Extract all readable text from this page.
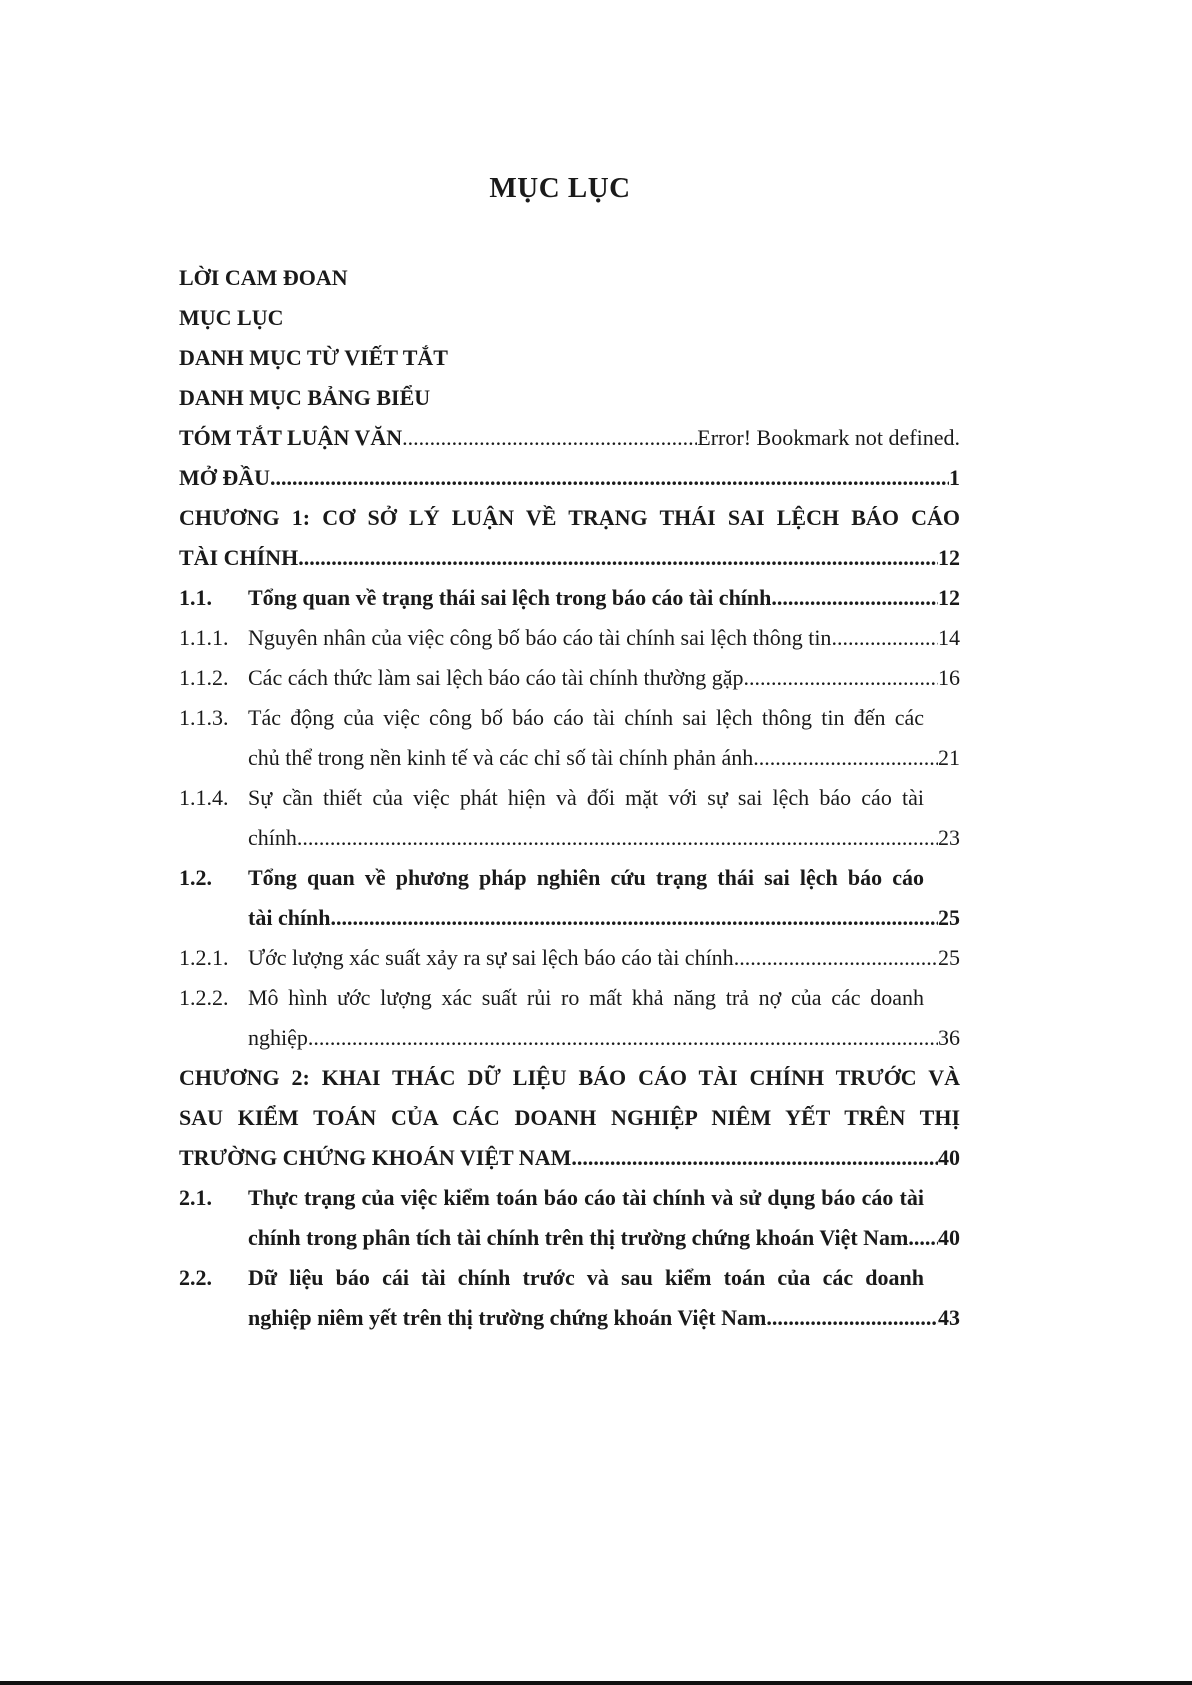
MỤC LỤC
LỜI CAM ĐOAN
MỤC LỤC
DANH MỤC TỪ VIẾT TẮT
DANH MỤC BẢNG BIỂU
TÓM TẮT LUẬN VĂN .....	Error! Bookmark not defined.
MỞ ĐẦU .....	1
CHƯƠNG 1: CƠ SỞ LÝ LUẬN VỀ TRẠNG THÁI SAI LỆCH BÁO CÁO
TÀI CHÍNH .....	12
1.1. Tổng quan về trạng thái sai lệch trong báo cáo tài chính .....	12
1.1.1. Nguyên nhân của việc công bố báo cáo tài chính sai lệch thông tin .....	14
1.1.2. Các cách thức làm sai lệch báo cáo tài chính thường gặp .....	16
1.1.3. Tác động của việc công bố báo cáo tài chính sai lệch thông tin đến các
chủ thể trong nền kinh tế và các chỉ số tài chính phản ánh .....	21
1.1.4. Sự cần thiết của việc phát hiện và đối mặt với sự sai lệch báo cáo tài
chính .....	23
1.2.	Tổng quan về phương pháp nghiên cứu trạng thái sai lệch báo cáo
tài chính .....	25
1.2.1. Ước lượng xác suất xảy ra sự sai lệch báo cáo tài chính .....	25
1.2.2. Mô hình ước lượng xác suất rủi ro mất khả năng trả nợ của các doanh
nghiệp .....	36
CHƯƠNG 2: KHAI THÁC DỮ LIỆU BÁO CÁO TÀI CHÍNH TRƯỚC VÀ
SAU KIỂM TOÁN CỦA CÁC DOANH NGHIỆP NIÊM YẾT TRÊN THỊ
TRƯỜNG CHỨNG KHOÁN VIỆT NAM .....	40
2.1.	Thực trạng của việc kiểm toán báo cáo tài chính và sử dụng báo cáo tài
chính trong phân tích tài chính trên thị trường chứng khoán Việt Nam ..... 40
2.2.	Dữ liệu báo cái tài chính trước và sau kiểm toán của các doanh
nghiệp niêm yết trên thị trường chứng khoán Việt Nam. .....	43
